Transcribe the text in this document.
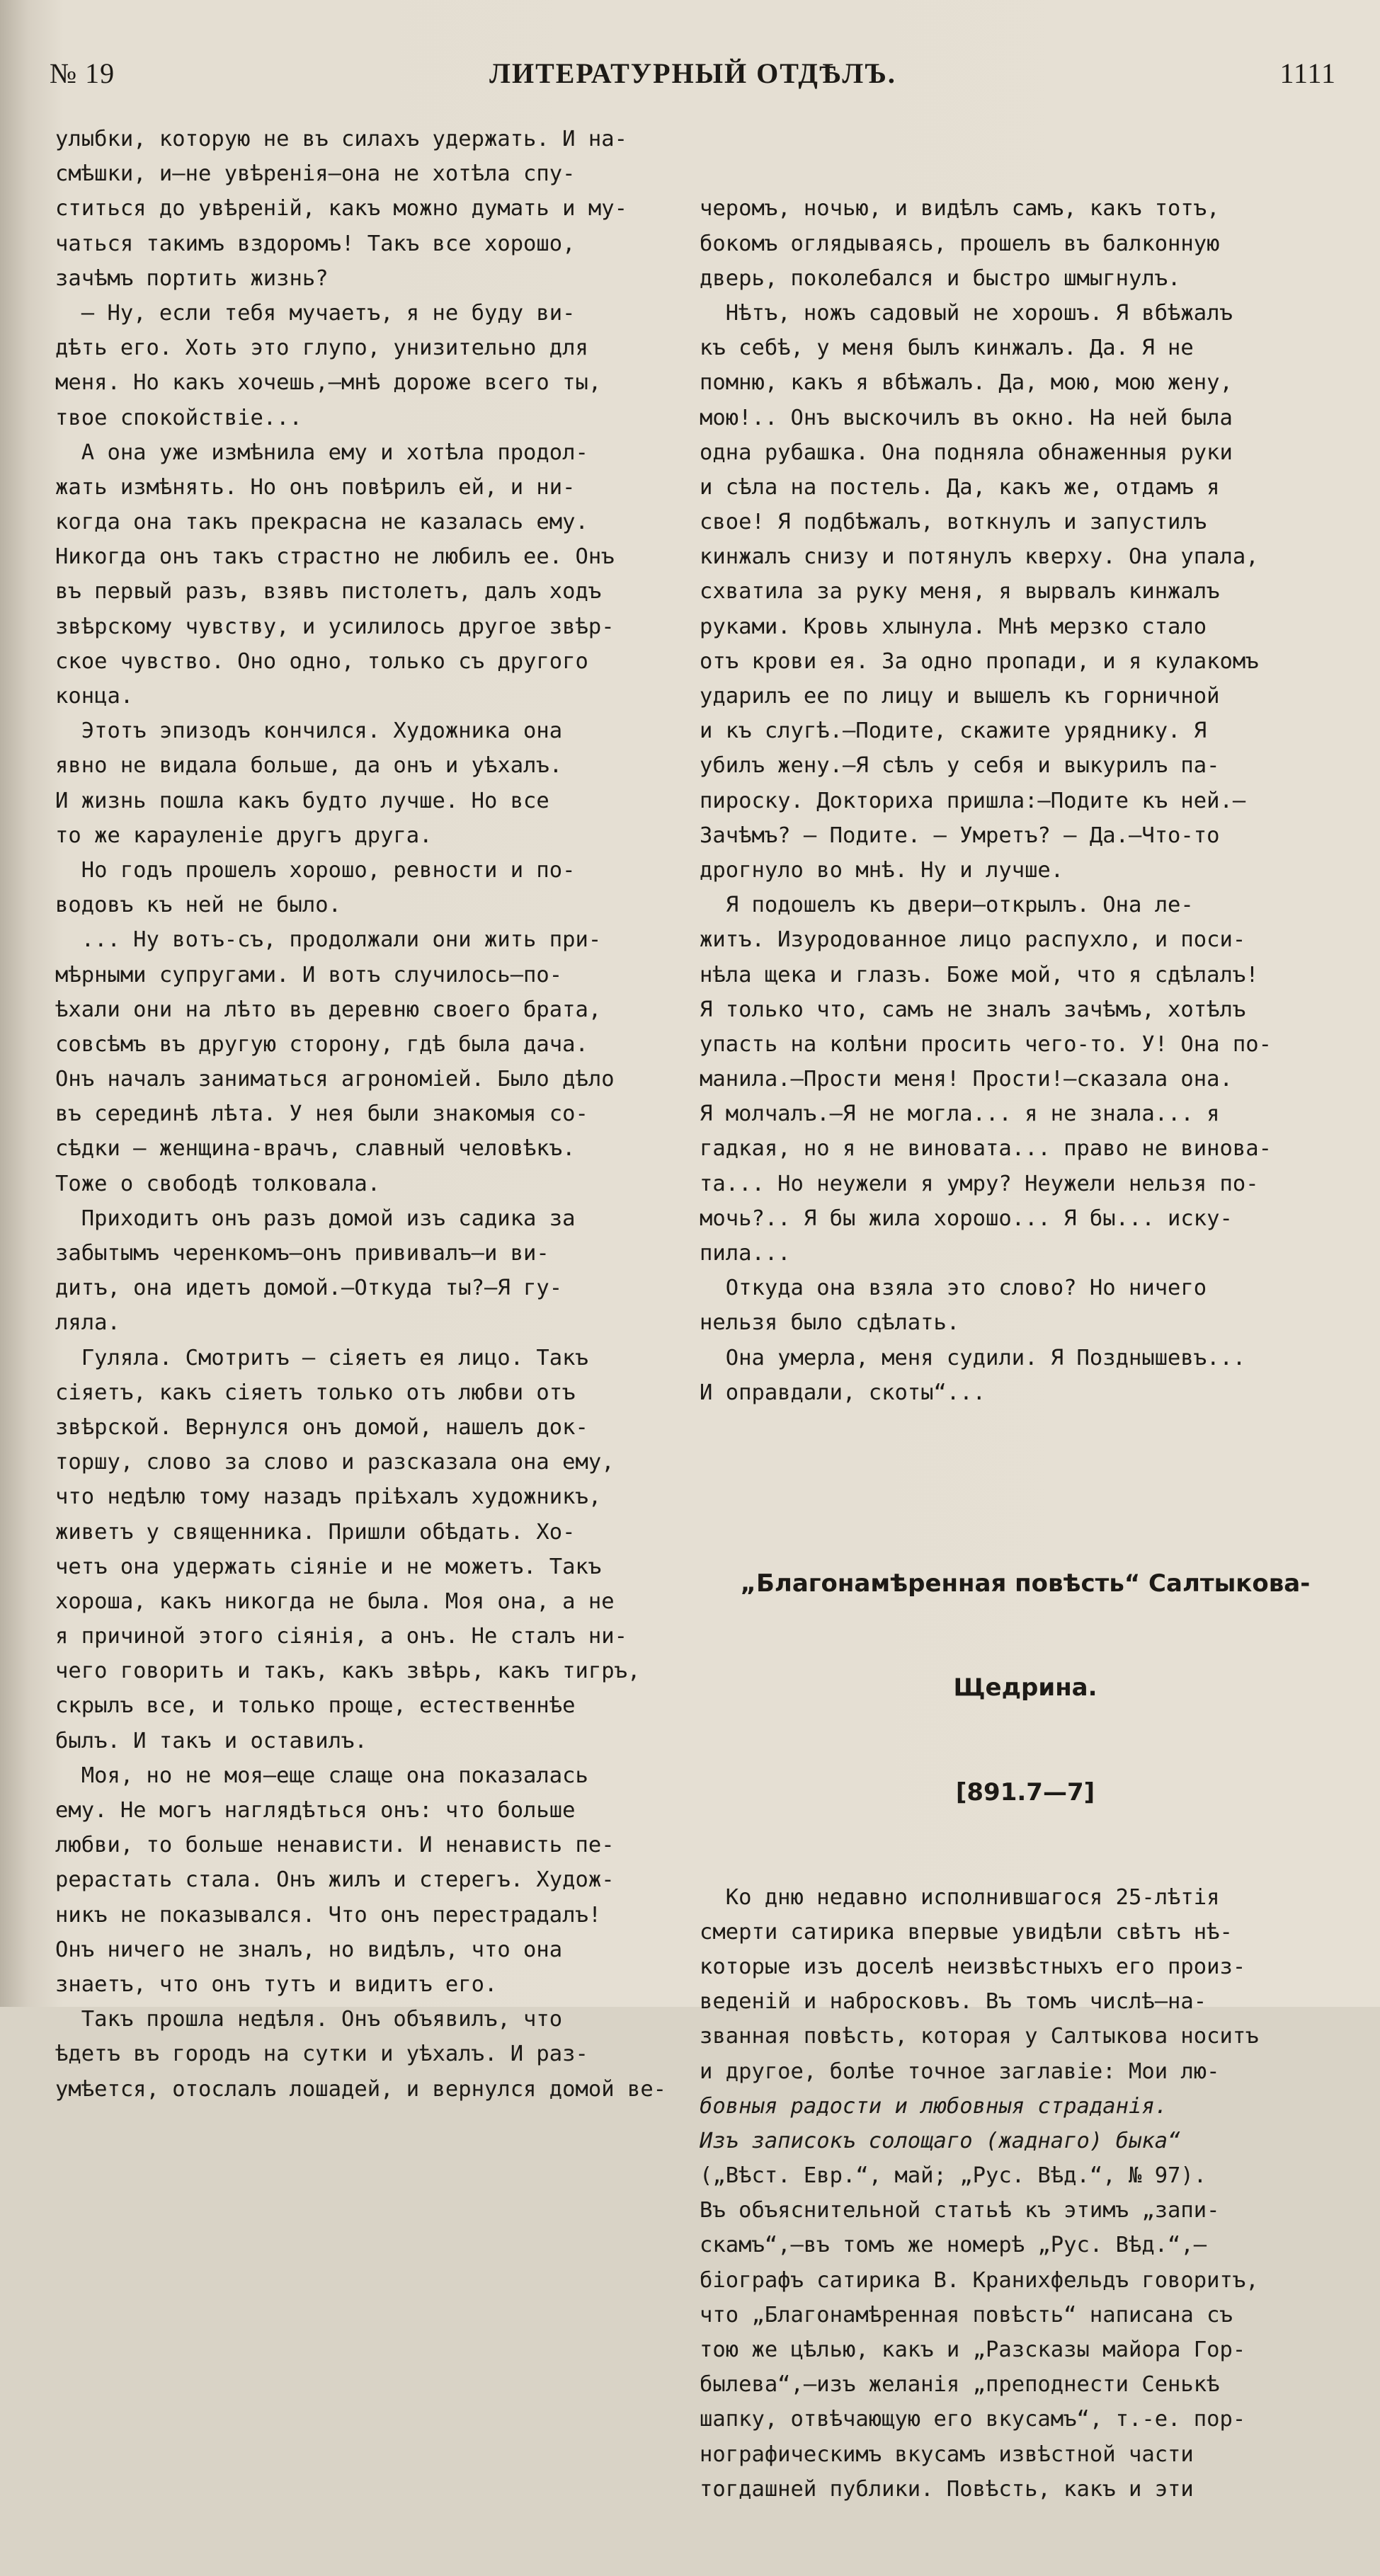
№ 19	ЛИТЕРАТУРНЫЙ ОТДѢЛЪ.	1111
улыбки, которую не въ силахъ удержать. И на-
смѣшки, и—не увѣренія—она не хотѣла спу-
ститься до увѣреній, какъ можно думать и му-
чаться такимъ вздоромъ! Такъ все хорошо,
зачѣмъ портить жизнь?
— Ну, если тебя мучаетъ, я не буду ви-
дѣть его. Хоть это глупо, унизительно для
меня. Но какъ хочешь,—мнѣ дороже всего ты,
твое спокойствіе...
А она уже измѣнила ему и хотѣла продол-
жать измѣнять. Но онъ повѣрилъ ей, и ни-
когда она такъ прекрасна не казалась ему.
Никогда онъ такъ страстно не любилъ ее. Онъ
въ первый разъ, взявъ пистолетъ, далъ ходъ
звѣрскому чувству, и усилилось другое звѣр-
ское чувство. Оно одно, только съ другого
конца.
Этотъ эпизодъ кончился. Художника она
явно не видала больше, да онъ и уѣхалъ.
И жизнь пошла какъ будто лучше. Но все
то же карауленіе другъ друга.
Но годъ прошелъ хорошо, ревности и по-
водовъ къ ней не было.
... Ну вотъ-съ, продолжали они жить при-
мѣрными супругами. И вотъ случилось—по-
ѣхали они на лѣто въ деревню своего брата,
совсѣмъ въ другую сторону, гдѣ была дача.
Онъ началъ заниматься агрономіей. Было дѣло
въ серединѣ лѣта. У нея были знакомыя со-
сѣдки — женщина-врачъ, славный человѣкъ.
Тоже о свободѣ толковала.
Приходитъ онъ разъ домой изъ садика за
забытымъ черенкомъ—онъ прививалъ—и ви-
дитъ, она идетъ домой.—Откуда ты?—Я гу-
ляла.
Гуляла. Смотритъ — сіяетъ ея лицо. Такъ
сіяетъ, какъ сіяетъ только отъ любви отъ
звѣрской. Вернулся онъ домой, нашелъ док-
торшу, слово за слово и разсказала она ему,
что недѣлю тому назадъ пріѣхалъ художникъ,
живетъ у священника. Пришли обѣдать. Хо-
четъ она удержать сіяніе и не можетъ. Такъ
хороша, какъ никогда не была. Моя она, а не
я причиной этого сіянія, а онъ. Не сталъ ни-
чего говорить и такъ, какъ звѣрь, какъ тигръ,
скрылъ все, и только проще, естественнѣе
былъ. И такъ и оставилъ.
Моя, но не моя—еще слаще она показалась
ему. Не могъ наглядѣться онъ: что больше
любви, то больше ненависти. И ненависть пе-
рерастать стала. Онъ жилъ и стерегъ. Худож-
никъ не показывался. Что онъ перестрадалъ!
Онъ ничего не зналъ, но видѣлъ, что она
знаетъ, что онъ тутъ и видитъ его.
Такъ прошла недѣля. Онъ объявилъ, что
ѣдетъ въ городъ на сутки и уѣхалъ. И раз-
умѣется, отослалъ лошадей, и вернулся домой ве-

черомъ, ночью, и видѣлъ самъ, какъ тотъ,
бокомъ оглядываясь, прошелъ въ балконную
дверь, поколебался и быстро шмыгнулъ.
Нѣтъ, ножъ садовый не хорошъ. Я вбѣжалъ
къ себѣ, у меня былъ кинжалъ. Да. Я не
помню, какъ я вбѣжалъ. Да, мою, мою жену,
мою!.. Онъ выскочилъ въ окно. На ней была
одна рубашка. Она подняла обнаженныя руки
и сѣла на постель. Да, какъ же, отдамъ я
свое! Я подбѣжалъ, воткнулъ и запустилъ
кинжалъ снизу и потянулъ кверху. Она упала,
схватила за руку меня, я вырвалъ кинжалъ
руками. Кровь хлынула. Мнѣ мерзко стало
отъ крови ея. За одно пропади, и я кулакомъ
ударилъ ее по лицу и вышелъ къ горничной
и къ слугѣ.—Подите, скажите уряднику. Я
убилъ жену.—Я сѣлъ у себя и выкурилъ па-
пироску. Докториха пришла:—Подите къ ней.—
Зачѣмъ? — Подите. — Умретъ? — Да.—Что-то
дрогнуло во мнѣ. Ну и лучше.
Я подошелъ къ двери—открылъ. Она ле-
житъ. Изуродованное лицо распухло, и поси-
нѣла щека и глазъ. Боже мой, что я сдѣлалъ!
Я только что, самъ не зналъ зачѣмъ, хотѣлъ
упасть на колѣни просить чего-то. У! Она по-
манила.—Прости меня! Прости!—сказала она.
Я молчалъ.—Я не могла... я не знала... я
гадкая, но я не виновата... право не винова-
та... Но неужели я умру? Неужели нельзя по-
мочь?.. Я бы жила хорошо... Я бы... иску-
пила...
Откуда она взяла это слово? Но ничего
нельзя было сдѣлать.
Она умерла, меня судили. Я Позднышевъ...
И оправдали, скоты“...

„Благонамѣренная повѣсть“ Салтыкова-

Щедрина.

[891.7—7]

Ко дню недавно исполнившагося 25-лѣтія
смерти сатирика впервые увидѣли свѣтъ нѣ-
которые изъ доселѣ неизвѣстныхъ его произ-
веденій и набросковъ. Въ томъ числѣ—на-
званная повѣсть, которая у Салтыкова носитъ
и другое, болѣе точное заглавіе: Мои лю-
бовныя радости и любовныя страданія.
Изъ записокъ солощаго (жаднаго) быка“
(„Вѣст. Евр.“, май; „Рус. Вѣд.“, № 97).
Въ объяснительной статьѣ къ этимъ „запи-
скамъ“,—въ томъ же номерѣ „Рус. Вѣд.“,—
біографъ сатирика В. Кранихфельдъ говоритъ,
что „Благонамѣренная повѣсть“ написана съ
тою же цѣлью, какъ и „Разсказы майора Гор-
былева“,—изъ желанія „преподнести Сенькѣ
шапку, отвѣчающую его вкусамъ“, т.-е. пор-
нографическимъ вкусамъ извѣстной части
тогдашней публики. Повѣсть, какъ и эти
